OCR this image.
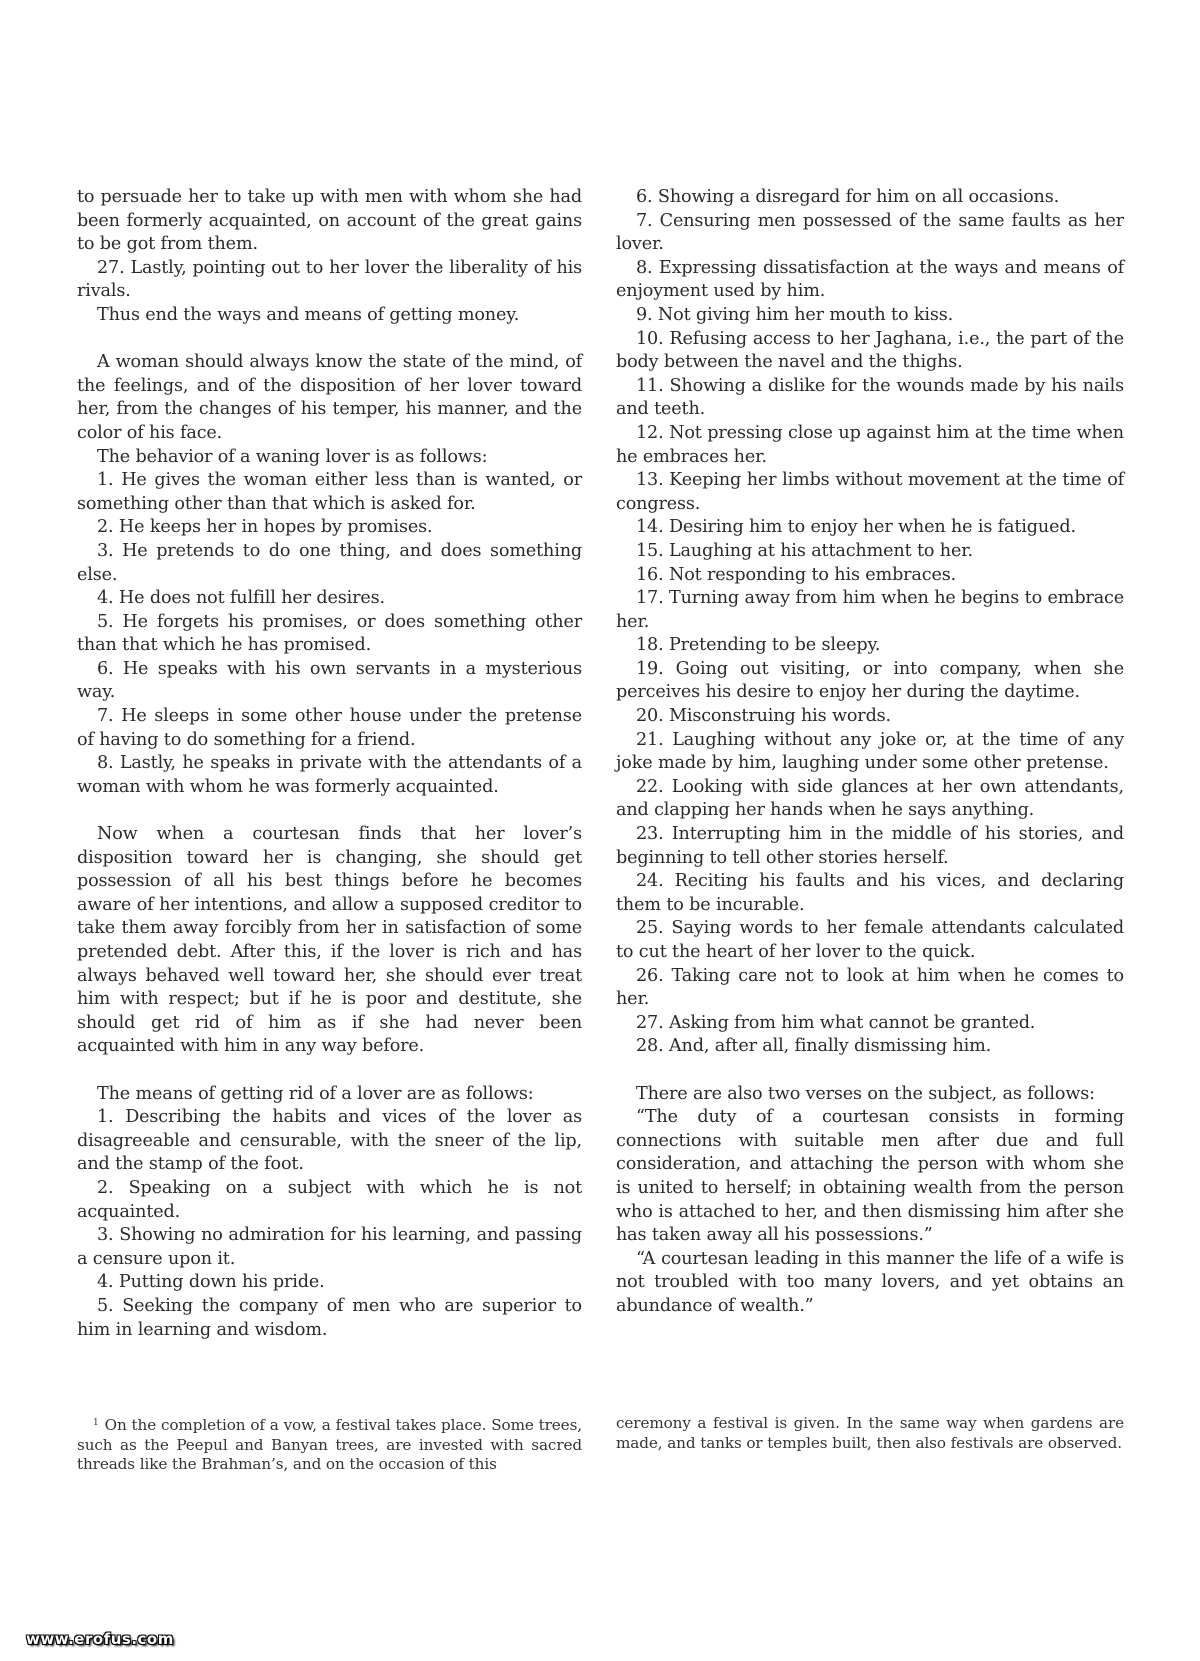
to persuade her to take up with men with whom she had been formerly acquainted, on account of the great gains to be got from them.

27. Lastly, pointing out to her lover the liberality of his rivals.

Thus end the ways and means of getting money.

A woman should always know the state of the mind, of the feelings, and of the disposition of her lover toward her, from the changes of his temper, his manner, and the color of his face.

The behavior of a waning lover is as follows:

1. He gives the woman either less than is wanted, or something other than that which is asked for.

2. He keeps her in hopes by promises.

3. He pretends to do one thing, and does something else.

4. He does not fulfill her desires.

5. He forgets his promises, or does something other than that which he has promised.

6. He speaks with his own servants in a mysterious way.

7. He sleeps in some other house under the pretense of having to do something for a friend.

8. Lastly, he speaks in private with the attendants of a woman with whom he was formerly acquainted.

Now when a courtesan finds that her lover’s disposition toward her is changing, she should get possession of all his best things before he becomes aware of her intentions, and allow a supposed creditor to take them away forcibly from her in satisfaction of some pretended debt. After this, if the lover is rich and has always behaved well toward her, she should ever treat him with respect; but if he is poor and destitute, she should get rid of him as if she had never been acquainted with him in any way before.

The means of getting rid of a lover are as follows:

1. Describing the habits and vices of the lover as disagreeable and censurable, with the sneer of the lip, and the stamp of the foot.

2. Speaking on a subject with which he is not acquainted.

3. Showing no admiration for his learning, and passing a censure upon it.

4. Putting down his pride.

5. Seeking the company of men who are superior to him in learning and wisdom.

6. Showing a disregard for him on all occasions.

7. Censuring men possessed of the same faults as her lover.

8. Expressing dissatisfaction at the ways and means of enjoyment used by him.

9. Not giving him her mouth to kiss.

10. Refusing access to her Jaghana, i.e., the part of the body between the navel and the thighs.

11. Showing a dislike for the wounds made by his nails and teeth.

12. Not pressing close up against him at the time when he embraces her.

13. Keeping her limbs without movement at the time of congress.

14. Desiring him to enjoy her when he is fatigued.

15. Laughing at his attachment to her.

16. Not responding to his embraces.

17. Turning away from him when he begins to embrace her.

18. Pretending to be sleepy.

19. Going out visiting, or into company, when she perceives his desire to enjoy her during the daytime.

20. Misconstruing his words.

21. Laughing without any joke or, at the time of any joke made by him, laughing under some other pretense.

22. Looking with side glances at her own attendants, and clapping her hands when he says anything.

23. Interrupting him in the middle of his stories, and beginning to tell other stories herself.

24. Reciting his faults and his vices, and declaring them to be incurable.

25. Saying words to her female attendants calculated to cut the heart of her lover to the quick.

26. Taking care not to look at him when he comes to her.

27. Asking from him what cannot be granted.

28. And, after all, finally dismissing him.

There are also two verses on the subject, as follows:

“The duty of a courtesan consists in forming connections with suitable men after due and full consideration, and attaching the person with whom she is united to herself; in obtaining wealth from the person who is attached to her, and then dismissing him after she has taken away all his possessions.”

“A courtesan leading in this manner the life of a wife is not troubled with too many lovers, and yet obtains an abundance of wealth.”

$^1$ On the completion of a vow, a festival takes place. Some trees, such as the Peepul and Banyan trees, are invested with sacred threads like the Brahman’s, and on the occasion of this
ceremony a festival is given. In the same way when gardens are made, and tanks or temples built, then also festivals are observed.
www.erofus.com
